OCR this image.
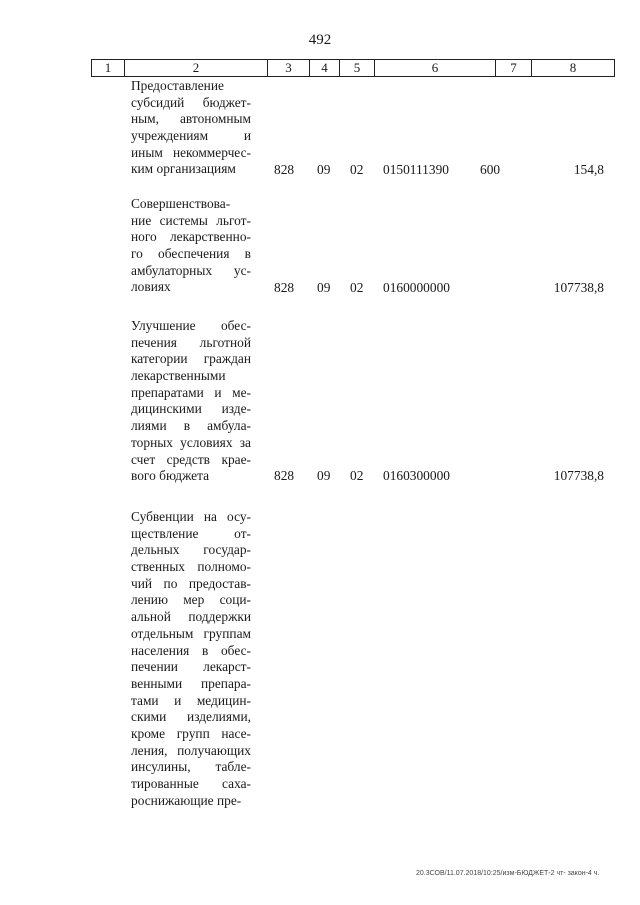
492
1	2	3	4	5	6	7	8
Предоставление
субсидий бюджет-
ным, автономным
учреждениям и
иным некоммерчес-
ким организациям	828 09 02 0150111390 600	154,8
Совершенствова-
ние системы льгот-
ного лекарственно-
го обеспечения в
амбулаторных ус-
ловиях	828 09 02 0160000000	107738,8
Улучшение обес-
печения льготной
категории граждан
лекарственными
препаратами и ме-
дицинскими изде-
лиями в амбула-
торных условиях за
счет средств крае-
вого бюджета	828 09 02 0160300000	107738,8
Субвенции на осу-
ществление от-
дельных государ-
ственных полномо-
чий по предостав-
лению мер соци-
альной поддержки
отдельным группам
населения в обес-
печении лекарст-
венными препара-
тами и медицин-
скими изделиями,
кроме групп насе-
ления, получающих
инсулины, табле-
тированные саха-
роснижающие пре-
20.3СОВ/11.07.2018/10:25/изм-БЮДЖЕТ-2 чт- закон-4 ч.
